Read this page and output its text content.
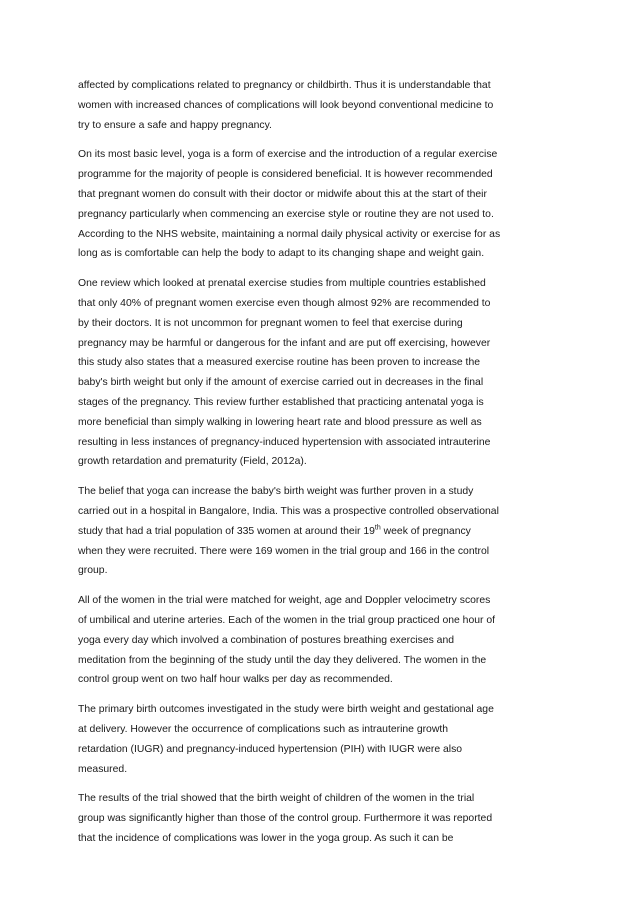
affected by complications related to pregnancy or childbirth. Thus it is understandable that
women with increased chances of complications will look beyond conventional medicine to
try to ensure a safe and happy pregnancy.
On its most basic level, yoga is a form of exercise and the introduction of a regular exercise
programme for the majority of people is considered beneficial. It is however recommended
that pregnant women do consult with their doctor or midwife about this at the start of their
pregnancy particularly when commencing an exercise style or routine they are not used to.
According to the NHS website, maintaining a normal daily physical activity or exercise for as
long as is comfortable can help the body to adapt to its changing shape and weight gain.
One review which looked at prenatal exercise studies from multiple countries established
that only 40% of pregnant women exercise even though almost 92% are recommended to
by their doctors. It is not uncommon for pregnant women to feel that exercise during
pregnancy may be harmful or dangerous for the infant and are put off exercising, however
this study also states that a measured exercise routine has been proven to increase the
baby's birth weight but only if the amount of exercise carried out in decreases in the final
stages of the pregnancy. This review further established that practicing antenatal yoga is
more beneficial than simply walking in lowering heart rate and blood pressure as well as
resulting in less instances of pregnancy-induced hypertension with associated intrauterine
growth retardation and prematurity (Field, 2012a).
The belief that yoga can increase the baby's birth weight was further proven in a study
carried out in a hospital in Bangalore, India. This was a prospective controlled observational
study that had a trial population of 335 women at around their 19th week of pregnancy
when they were recruited. There were 169 women in the trial group and 166 in the control
group.
All of the women in the trial were matched for weight, age and Doppler velocimetry scores
of umbilical and uterine arteries. Each of the women in the trial group practiced one hour of
yoga every day which involved a combination of postures breathing exercises and
meditation from the beginning of the study until the day they delivered. The women in the
control group went on two half hour walks per day as recommended.
The primary birth outcomes investigated in the study were birth weight and gestational age
at delivery. However the occurrence of complications such as intrauterine growth
retardation (IUGR) and pregnancy-induced hypertension (PIH) with IUGR were also
measured.
The results of the trial showed that the birth weight of children of the women in the trial
group was significantly higher than those of the control group. Furthermore it was reported
that the incidence of complications was lower in the yoga group. As such it can be
